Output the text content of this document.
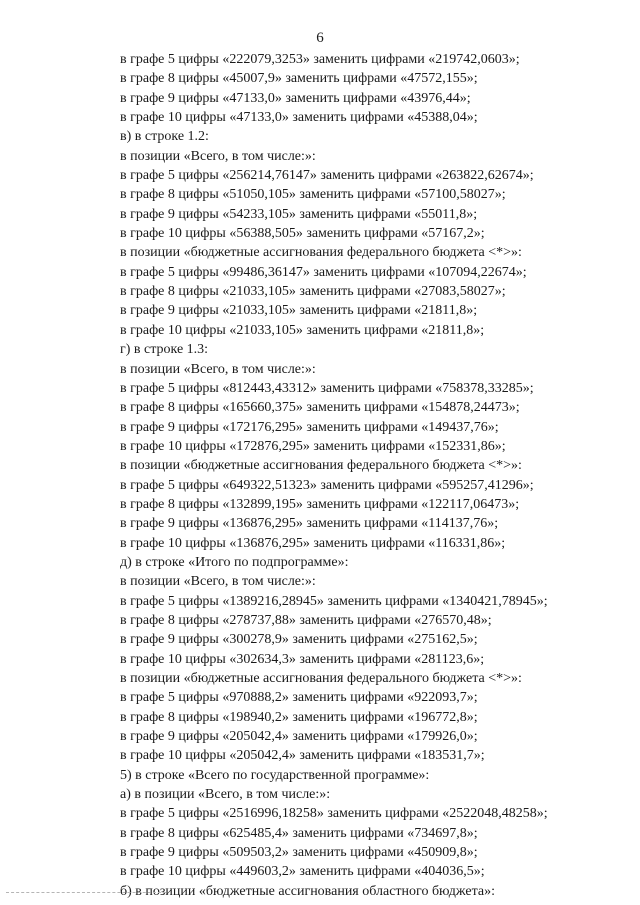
6
в графе 5 цифры «222079,3253» заменить цифрами «219742,0603»;
в графе 8 цифры «45007,9» заменить цифрами «47572,155»;
в графе 9 цифры «47133,0» заменить цифрами «43976,44»;
в графе 10 цифры «47133,0» заменить цифрами «45388,04»;
в) в строке 1.2:
в позиции «Всего, в том числе:»:
в графе 5 цифры «256214,76147» заменить цифрами «263822,62674»;
в графе 8 цифры «51050,105» заменить цифрами «57100,58027»;
в графе 9 цифры «54233,105» заменить цифрами «55011,8»;
в графе 10 цифры «56388,505» заменить цифрами «57167,2»;
в позиции «бюджетные ассигнования федерального бюджета <*>»:
в графе 5 цифры «99486,36147» заменить цифрами «107094,22674»;
в графе 8 цифры «21033,105» заменить цифрами «27083,58027»;
в графе 9 цифры «21033,105» заменить цифрами «21811,8»;
в графе 10 цифры «21033,105» заменить цифрами «21811,8»;
г) в строке 1.3:
в позиции «Всего, в том числе:»:
в графе 5 цифры «812443,43312» заменить цифрами «758378,33285»;
в графе 8 цифры «165660,375» заменить цифрами «154878,24473»;
в графе 9 цифры «172176,295» заменить цифрами «149437,76»;
в графе 10 цифры «172876,295» заменить цифрами «152331,86»;
в позиции «бюджетные ассигнования федерального бюджета <*>»:
в графе 5 цифры «649322,51323» заменить цифрами «595257,41296»;
в графе 8 цифры «132899,195» заменить цифрами «122117,06473»;
в графе 9 цифры «136876,295» заменить цифрами «114137,76»;
в графе 10 цифры «136876,295» заменить цифрами «116331,86»;
д) в строке «Итого по подпрограмме»:
в позиции «Всего, в том числе:»:
в графе 5 цифры «1389216,28945» заменить цифрами «1340421,78945»;
в графе 8 цифры «278737,88» заменить цифрами «276570,48»;
в графе 9 цифры «300278,9» заменить цифрами «275162,5»;
в графе 10 цифры «302634,3» заменить цифрами «281123,6»;
в позиции «бюджетные ассигнования федерального бюджета <*>»:
в графе 5 цифры «970888,2» заменить цифрами «922093,7»;
в графе 8 цифры «198940,2» заменить цифрами «196772,8»;
в графе 9 цифры «205042,4» заменить цифрами «179926,0»;
в графе 10 цифры «205042,4» заменить цифрами «183531,7»;
5) в строке «Всего по государственной программе»:
а) в позиции «Всего, в том числе:»:
в графе 5 цифры «2516996,18258» заменить цифрами «2522048,48258»;
в графе 8 цифры «625485,4» заменить цифрами «734697,8»;
в графе 9 цифры «509503,2» заменить цифрами «450909,8»;
в графе 10 цифры «449603,2» заменить цифрами «404036,5»;
б) в позиции «бюджетные ассигнования областного бюджета»:
